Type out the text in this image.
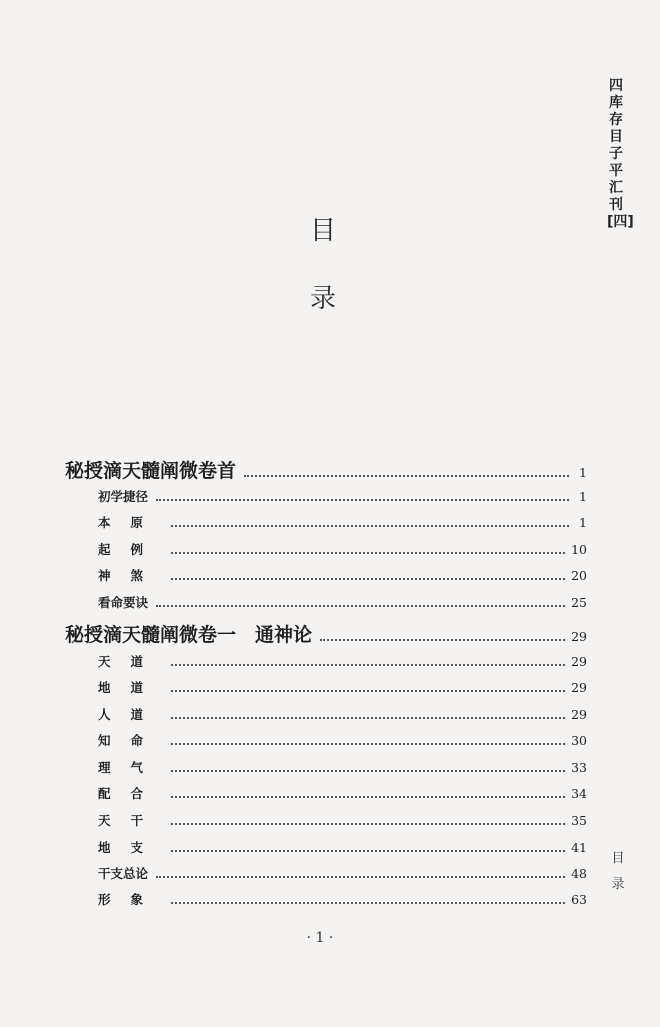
四库存目子平汇刊[四]
目
录
秘授滴天髓阐微卷首	1
初学捷径	1
本原	1
起例	10
神煞	20
看命要诀	25
秘授滴天髓阐微卷一　通神论	29
天道	29
地道	29
人道	29
知命	30
理气	33
配合	34
天干	35
地支	41
干支总论	48
形象	63
目录
· 1 ·
